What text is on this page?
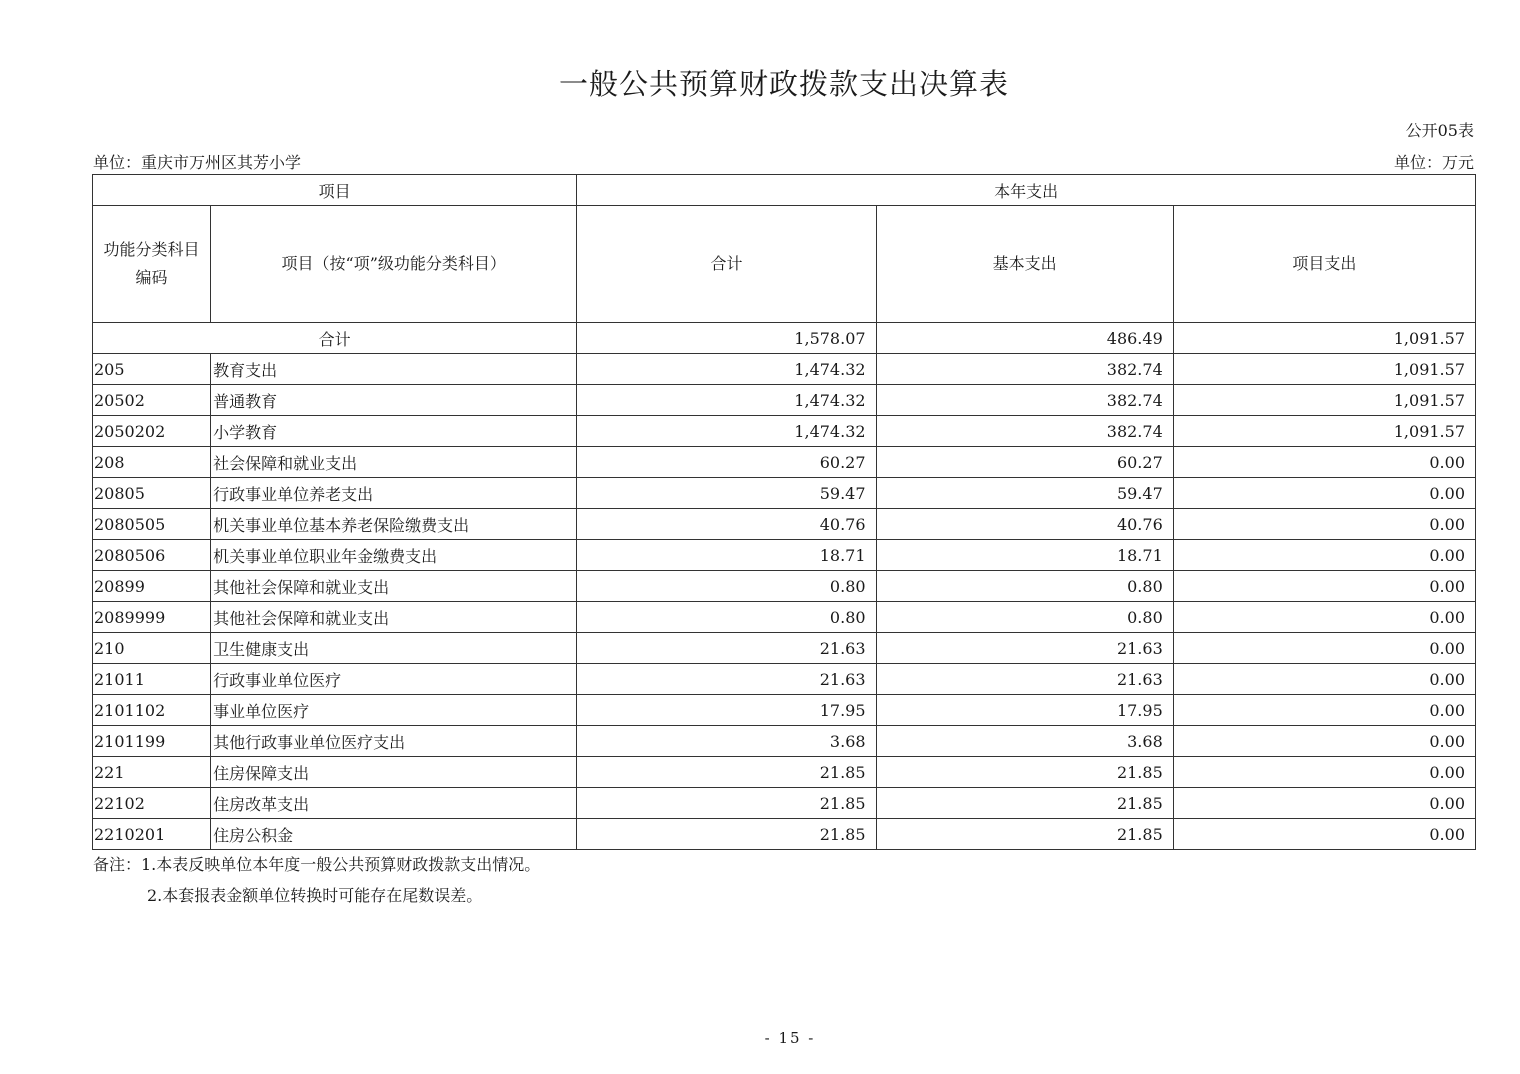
一般公共预算财政拨款支出决算表
公开05表
单位：重庆市万州区其芳小学	单位：万元
项目		本年支出		
功能分类科目编码	项目（按“项”级功能分类科目）	合计	基本支出	项目支出
合计		1,578.07	486.49	1,091.57
205	教育支出	1,474.32	382.74	1,091.57
20502	普通教育	1,474.32	382.74	1,091.57
2050202	小学教育	1,474.32	382.74	1,091.57
208	社会保障和就业支出	60.27	60.27	0.00
20805	行政事业单位养老支出	59.47	59.47	0.00
2080505	机关事业单位基本养老保险缴费支出	40.76	40.76	0.00
2080506	机关事业单位职业年金缴费支出	18.71	18.71	0.00
20899	其他社会保障和就业支出	0.80	0.80	0.00
2089999	其他社会保障和就业支出	0.80	0.80	0.00
210	卫生健康支出	21.63	21.63	0.00
21011	行政事业单位医疗	21.63	21.63	0.00
2101102	事业单位医疗	17.95	17.95	0.00
2101199	其他行政事业单位医疗支出	3.68	3.68	0.00
221	住房保障支出	21.85	21.85	0.00
22102	住房改革支出	21.85	21.85	0.00
2210201	住房公积金	21.85	21.85	0.00
备注：1.本表反映单位本年度一般公共预算财政拨款支出情况。
2.本套报表金额单位转换时可能存在尾数误差。
- 15 -
